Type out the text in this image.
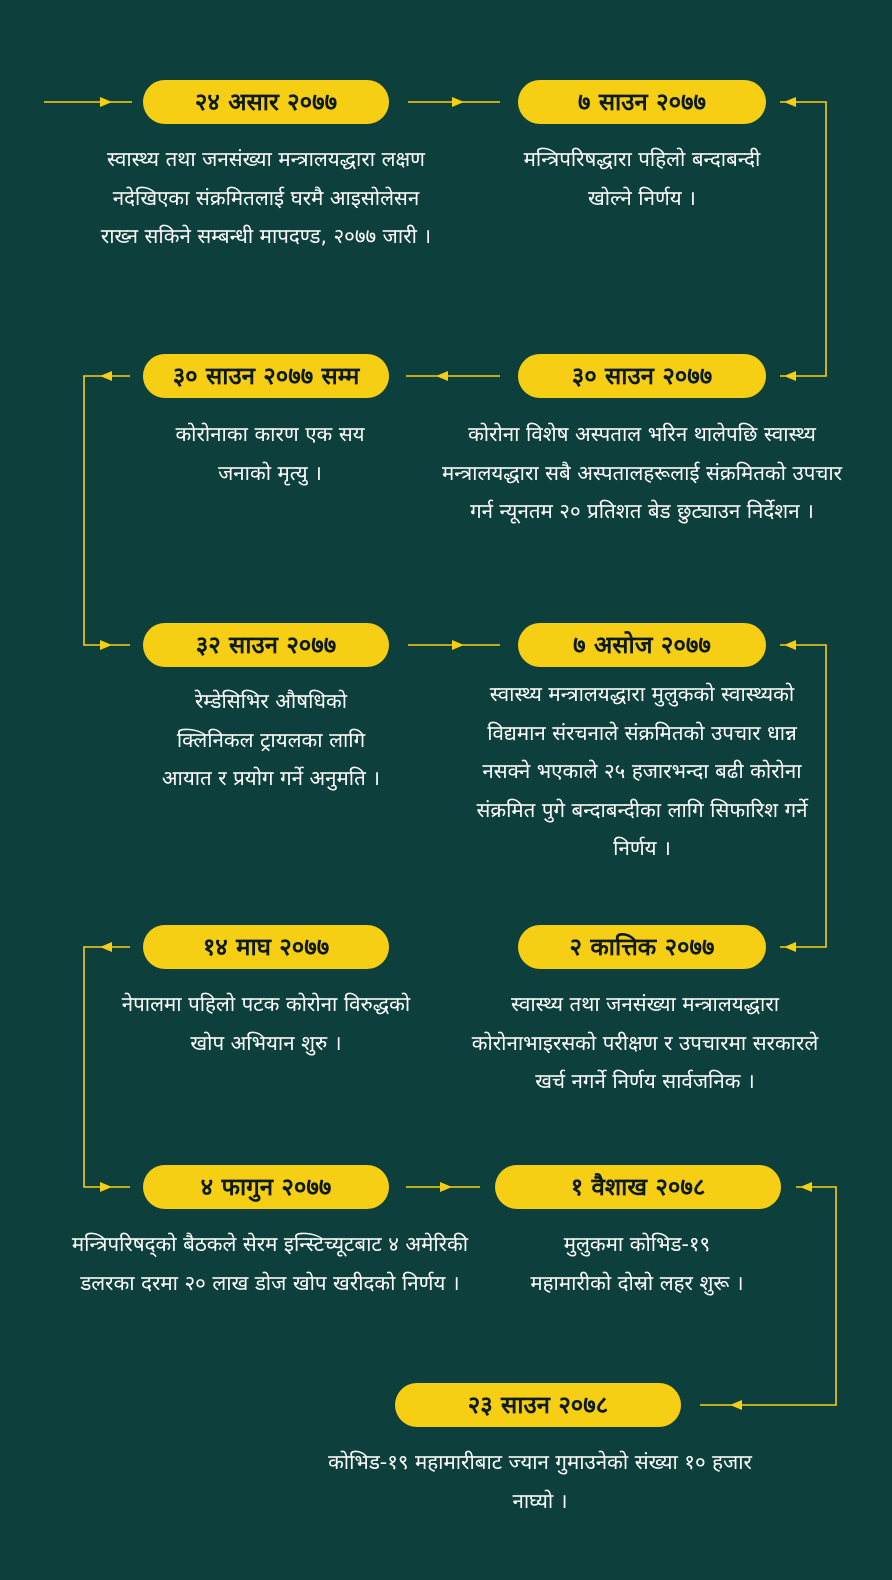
२४ असार २०७७
स्वास्थ्य तथा जनसंख्या मन्त्रालयद्धारा लक्षण नदेखिएका संक्रमितलाई घरमै आइसोलेसन राख्न सकिने सम्बन्धी मापदण्ड, २०७७ जारी ।
७ साउन २०७७
मन्त्रिपरिषद्धारा पहिलो बन्दाबन्दी खोल्ने निर्णय ।
३० साउन २०७७ सम्म
कोरोनाका कारण एक सय जनाको मृत्यु ।
३० साउन २०७७
कोरोना विशेष अस्पताल भरिन थालेपछि स्वास्थ्य मन्त्रालयद्धारा सबै अस्पतालहरूलाई संक्रमितको उपचार गर्न न्यूनतम २० प्रतिशत बेड छुट्याउन निर्देशन ।
३२ साउन २०७७
रेम्डेसिभिर औषधिको क्लिनिकल ट्रायलका लागि आयात र प्रयोग गर्ने अनुमति ।
७ असोज २०७७
स्वास्थ्य मन्त्रालयद्धारा मुलुकको स्वास्थ्यको विद्यमान संरचनाले संक्रमितको उपचार धान्न नसक्ने भएकाले २५ हजारभन्दा बढी कोरोना संक्रमित पुगे बन्दाबन्दीका लागि सिफारिश गर्ने निर्णय ।
१४ माघ २०७७
नेपालमा पहिलो पटक कोरोना विरुद्धको खोप अभियान शुरु ।
२ कात्तिक २०७७
स्वास्थ्य तथा जनसंख्या मन्त्रालयद्धारा कोरोनाभाइरसको परीक्षण र उपचारमा सरकारले खर्च नगर्ने निर्णय सार्वजनिक ।
४ फागुन २०७७
मन्त्रिपरिषद्को बैठकले सेरम इन्स्टिच्यूटबाट ४ अमेरिकी डलरका दरमा २० लाख डोज खोप खरीदको निर्णय ।
१ वैशाख २०७८
मुलुकमा कोभिड-१९ महामारीको दोस्रो लहर शुरू ।
२३ साउन २०७८
कोभिड-१९ महामारीबाट ज्यान गुमाउनेको संख्या १० हजार नाघ्यो ।
